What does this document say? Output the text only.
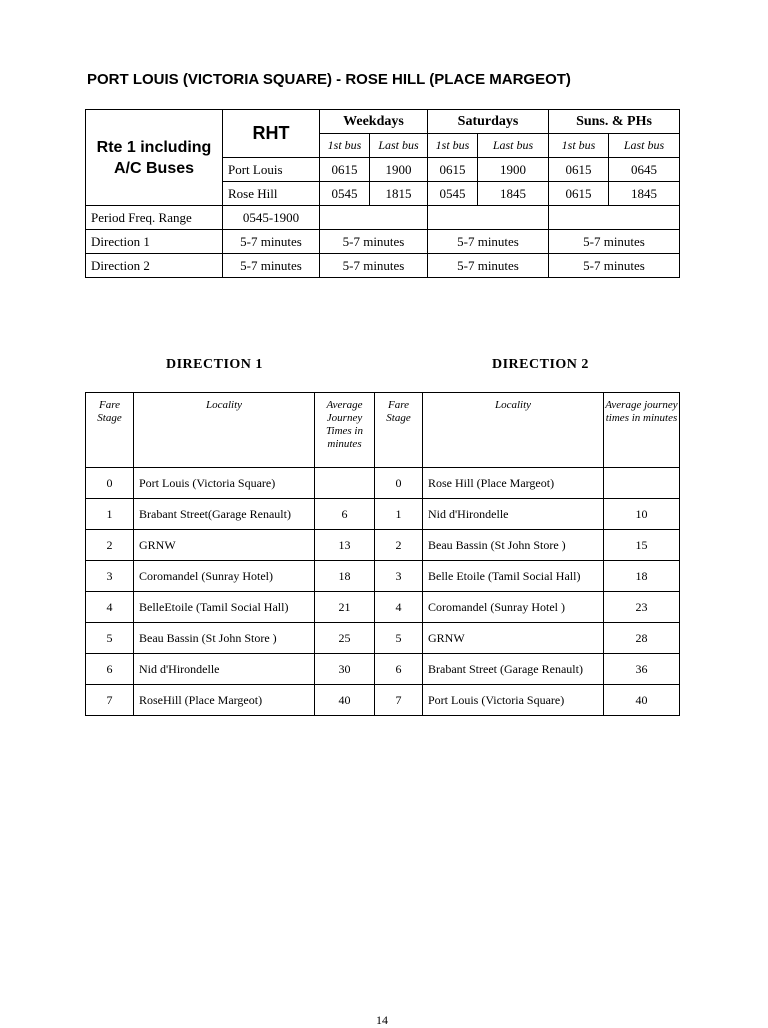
PORT LOUIS (VICTORIA SQUARE) - ROSE HILL (PLACE MARGEOT)
Rte 1 including A/C Buses	RHT	Weekdays		Saturdays		Suns. & PHs	
		1st bus	Last bus	1st bus	Last bus	1st bus	Last bus
	Port Louis	0615	1900	0615	1900	0615	0645
	Rose Hill	0545	1815	0545	1845	0615	1845
Period Freq. Range	0545-1900						
Direction 1	5-7 minutes	5-7 minutes		5-7 minutes		5-7 minutes	
Direction 2	5-7 minutes	5-7 minutes		5-7 minutes		5-7 minutes	
DIRECTION 1	DIRECTION 2
Fare Stage	Locality	Average Journey Times in minutes	Fare Stage	Locality	Average journey times in minutes
0	Port Louis (Victoria Square)		0	Rose Hill (Place Margeot)	
1	Brabant Street(Garage Renault)	6	1	Nid d'Hirondelle	10
2	GRNW	13	2	Beau Bassin (St John Store )	15
3	Coromandel (Sunray Hotel)	18	3	Belle Etoile (Tamil Social Hall)	18
4	BelleEtoile (Tamil Social Hall)	21	4	Coromandel (Sunray Hotel )	23
5	Beau Bassin (St John Store )	25	5	GRNW	28
6	Nid d'Hirondelle	30	6	Brabant Street (Garage Renault)	36
7	RoseHill (Place Margeot)	40	7	Port Louis (Victoria Square)	40
14
